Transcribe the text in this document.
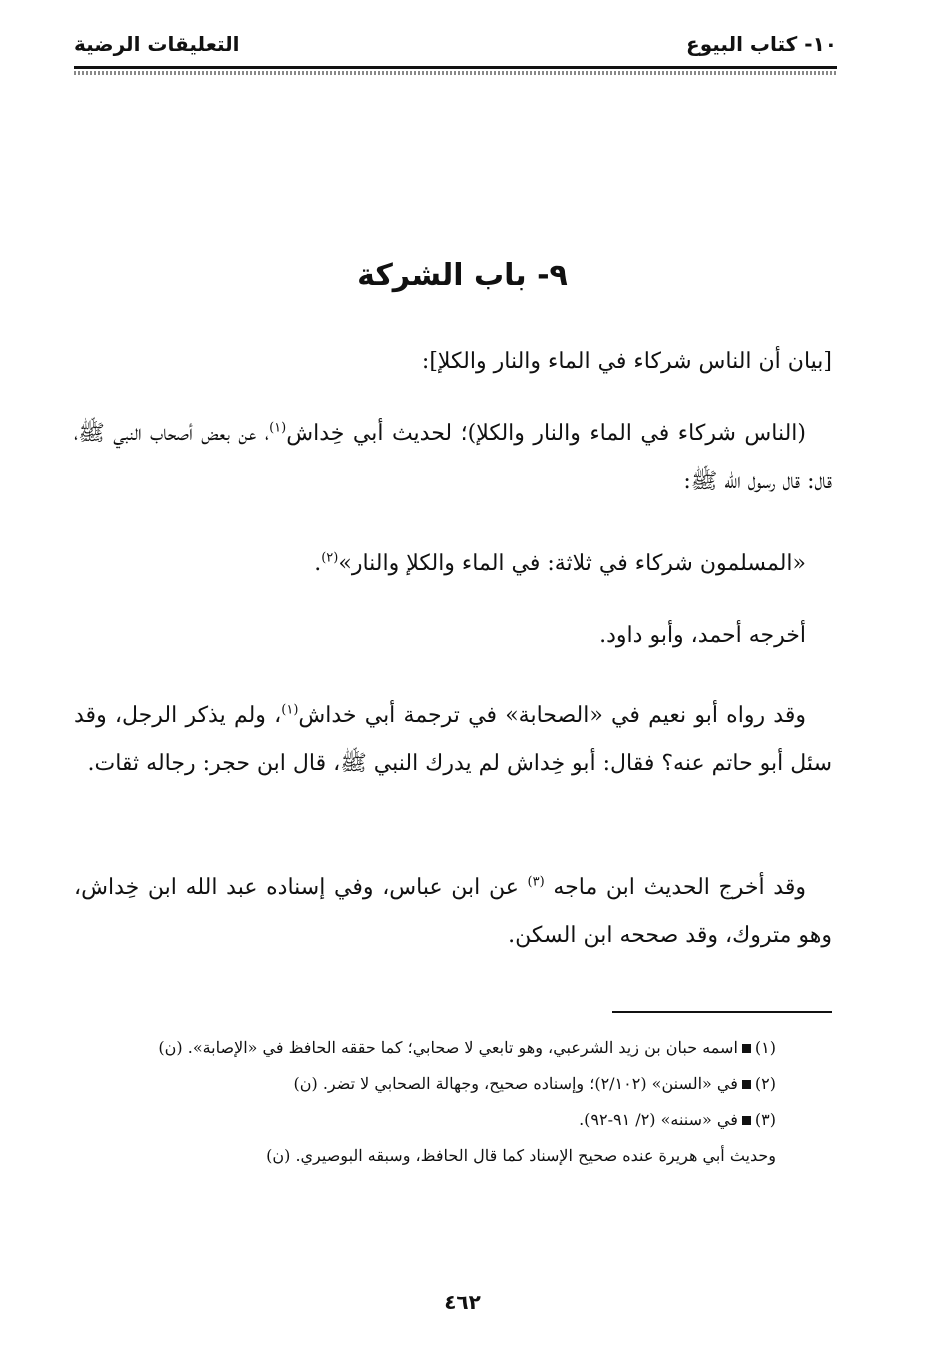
١٠- كتاب البيوع
التعليقات الرضية
٩- باب الشركة
[بيان أن الناس شركاء في الماء والنار والكلإ]:
(الناس شركاء في الماء والنار والكلإ)؛ لحديث أبي خِداش$^{(١)}$، عن بعض أصحاب النبي ﷺ، قال: قال رسول الله ﷺ:
«المسلمون شركاء في ثلاثة: في الماء والكلإ والنار»$^{(٢)}$.
أخرجه أحمد، وأبو داود.
وقد رواه أبو نعيم في «الصحابة» في ترجمة أبي خداش$^{(١)}$، ولم يذكر الرجل، وقد سئل أبو حاتم عنه؟ فقال: أبو خِداش لم يدرك النبي ﷺ، قال ابن حجر: رجاله ثقات.
وقد أخرج الحديث ابن ماجه $^{(٣)}$ عن ابن عباس، وفي إسناده عبد الله ابن خِداش، وهو متروك، وقد صححه ابن السكن.
(١)اسمه حبان بن زيد الشرعبي، وهو تابعي لا صحابي؛ كما حققه الحافظ في «الإصابة». (ن)
(٢)في «السنن» (٢/١٠٢)؛ وإسناده صحيح، وجهالة الصحابي لا تضر. (ن)
(٣)في «سننه» (٢/ ٩١-٩٢).
وحديث أبي هريرة عنده صحيح الإسناد كما قال الحافظ، وسبقه البوصيري. (ن)
٤٦٢
